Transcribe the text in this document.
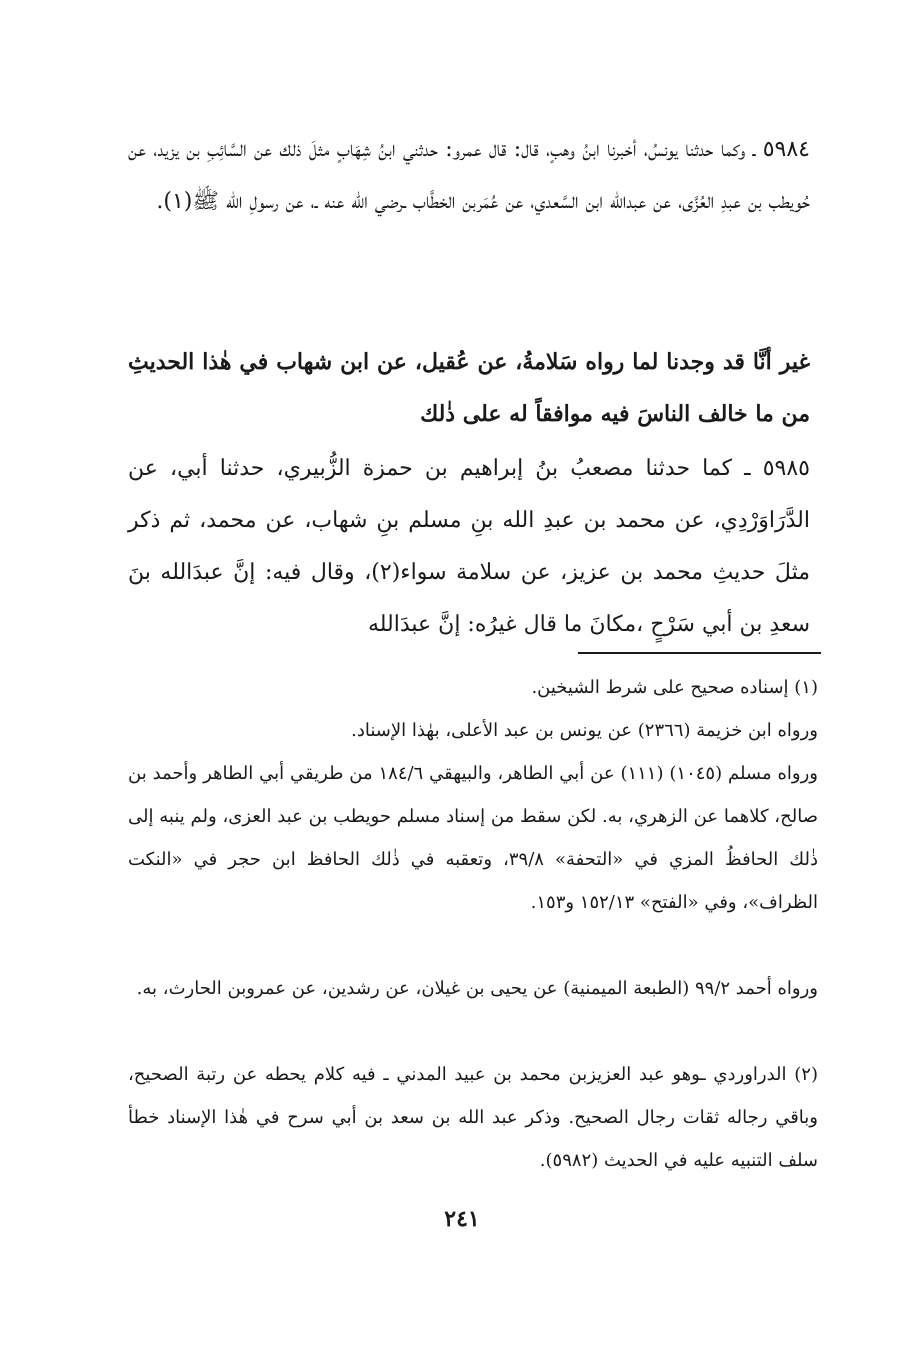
٥٩٨٤ ـ وكما حدثنا يونسُ، أخبرنا ابنُ وهبٍ، قال: قال عمرو: حدثني ابنُ شِهَابٍ مثلَ ذلك عن السَّائِبِ بن يزيد، عن حُويطب بن عبدِ العُزَّى، عن عبدالله ابن السَّعدي، عن عُمَربن الخطَّاب ـرضي الله عنه ـ، عن رسولِ الله ﷺ(١).

غير أنَّا قد وجدنا لما رواه سَلامةُ، عن عُقيل، عن ابن شهاب في هٰذا الحديثِ من ما خالف الناسَ فيه موافقاً له على ذٰلك

٥٩٨٥ ـ كما حدثنا مصعبُ بنُ إبراهيم بن حمزة الزُّبيري، حدثنا أبي، عن الدَّرَاوَرْدِي، عن محمد بن عبدِ الله بنِ مسلم بنِ شهاب، عن محمد، ثم ذكر مثلَ حديثِ محمد بن عزيز، عن سلامة سواء(٢)، وقال فيه: إنَّ عبدَالله بنَ سعدِ بن أبي سَرْحٍ ،مكانَ ما قال غيرُه: إنَّ عبدَالله

(١) إسناده صحيح على شرط الشيخين.

ورواه ابن خزيمة (٢٣٦٦) عن يونس بن عبد الأعلى، بهٰذا الإسناد.

ورواه مسلم (١٠٤٥) (١١١) عن أبي الطاهر، والبيهقي ١٨٤/٦ من طريقي أبي الطاهر وأحمد بن صالح، كلاهما عن الزهري، به. لكن سقط من إسناد مسلم حويطب بن عبد العزى، ولم ينبه إلى ذٰلك الحافظُ المزي في «التحفة» ٣٩/٨، وتعقبه في ذٰلك الحافظ ابن حجر في «النكت الظراف»، وفي «الفتح» ١٥٢/١٣ و١٥٣.

ورواه أحمد ٩٩/٢ (الطبعة الميمنية) عن يحيى بن غيلان، عن رشدين، عن عمروبن الحارث، به.

(٢) الدراوردي ـوهو عبد العزيزبن محمد بن عبيد المدني ـ فيه كلام يحطه عن رتبة الصحيح، وباقي رجاله ثقات رجال الصحيح. وذكر عبد الله بن سعد بن أبي سرح في هٰذا الإسناد خطأ سلف التنبيه عليه في الحديث (٥٩٨٢).

٢٤١
